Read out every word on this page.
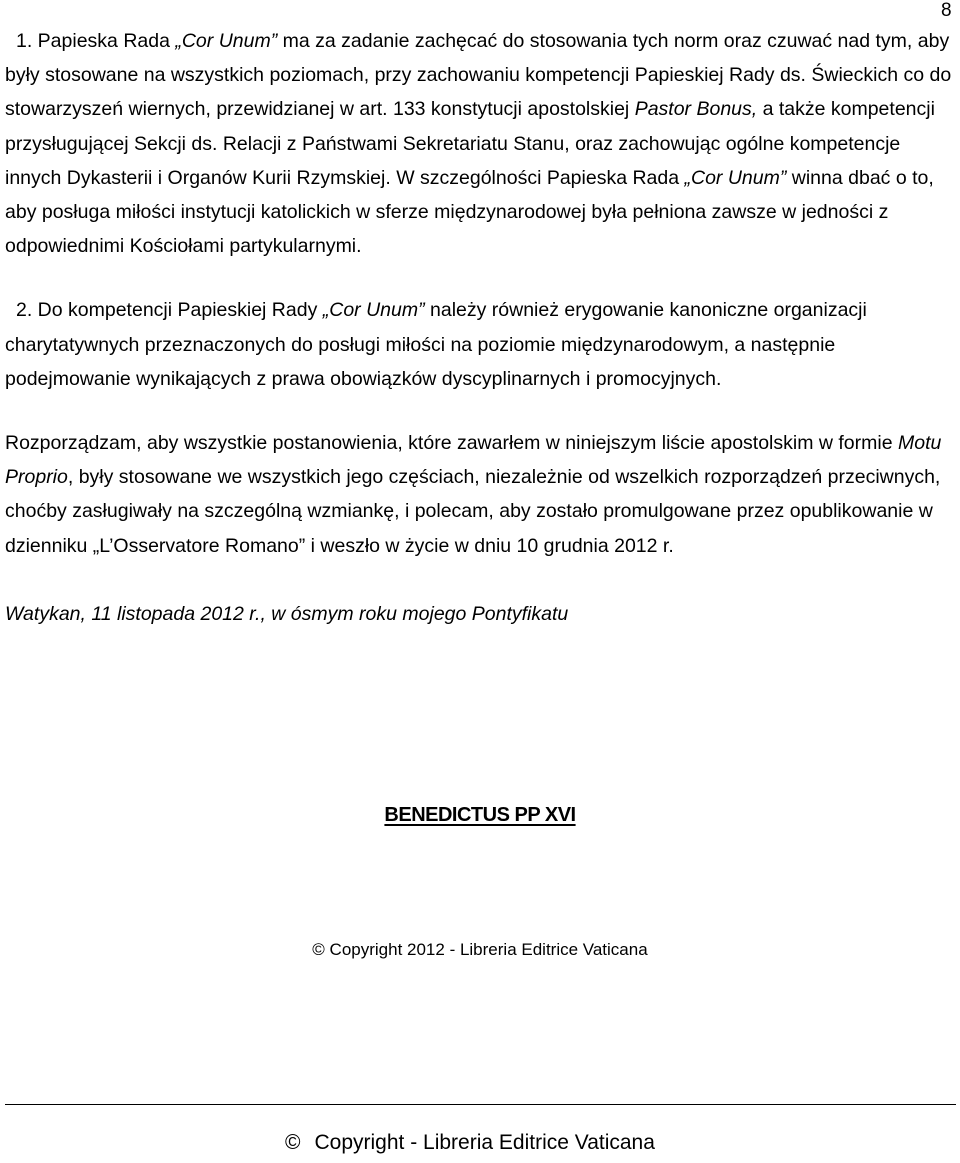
8

1. Papieska Rada „Cor Unum” ma za zadanie zachęcać do stosowania tych norm oraz czuwać nad tym, aby były stosowane na wszystkich poziomach, przy zachowaniu kompetencji Papieskiej Rady ds. Świeckich co do stowarzyszeń wiernych, przewidzianej w art. 133 konstytucji apostolskiej Pastor Bonus, a także kompetencji przysługującej Sekcji ds. Relacji z Państwami Sekretariatu Stanu, oraz zachowując ogólne kompetencje innych Dykasterii i Organów Kurii Rzymskiej. W szczególności Papieska Rada „Cor Unum” winna dbać o to, aby posługa miłości instytucji katolickich w sferze międzynarodowej była pełniona zawsze w jedności z odpowiednimi Kościołami partykularnymi.

2. Do kompetencji Papieskiej Rady „Cor Unum” należy również erygowanie kanoniczne organizacji charytatywnych przeznaczonych do posługi miłości na poziomie międzynarodowym, a następnie podejmowanie wynikających z prawa obowiązków dyscyplinarnych i promocyjnych.

Rozporządzam, aby wszystkie postanowienia, które zawarłem w niniejszym liście apostolskim w formie Motu Proprio, były stosowane we wszystkich jego częściach, niezależnie od wszelkich rozporządzeń przeciwnych, choćby zasługiwały na szczególną wzmiankę, i polecam, aby zostało promulgowane przez opublikowanie w dzienniku „L’Osservatore Romano” i weszło w życie w dniu 10 grudnia 2012 r.

Watykan, 11 listopada 2012 r., w ósmym roku mojego Pontyfikatu

BENEDICTUS PP XVI
© Copyright 2012 - Libreria Editrice Vaticana
© Copyright - Libreria Editrice Vaticana
